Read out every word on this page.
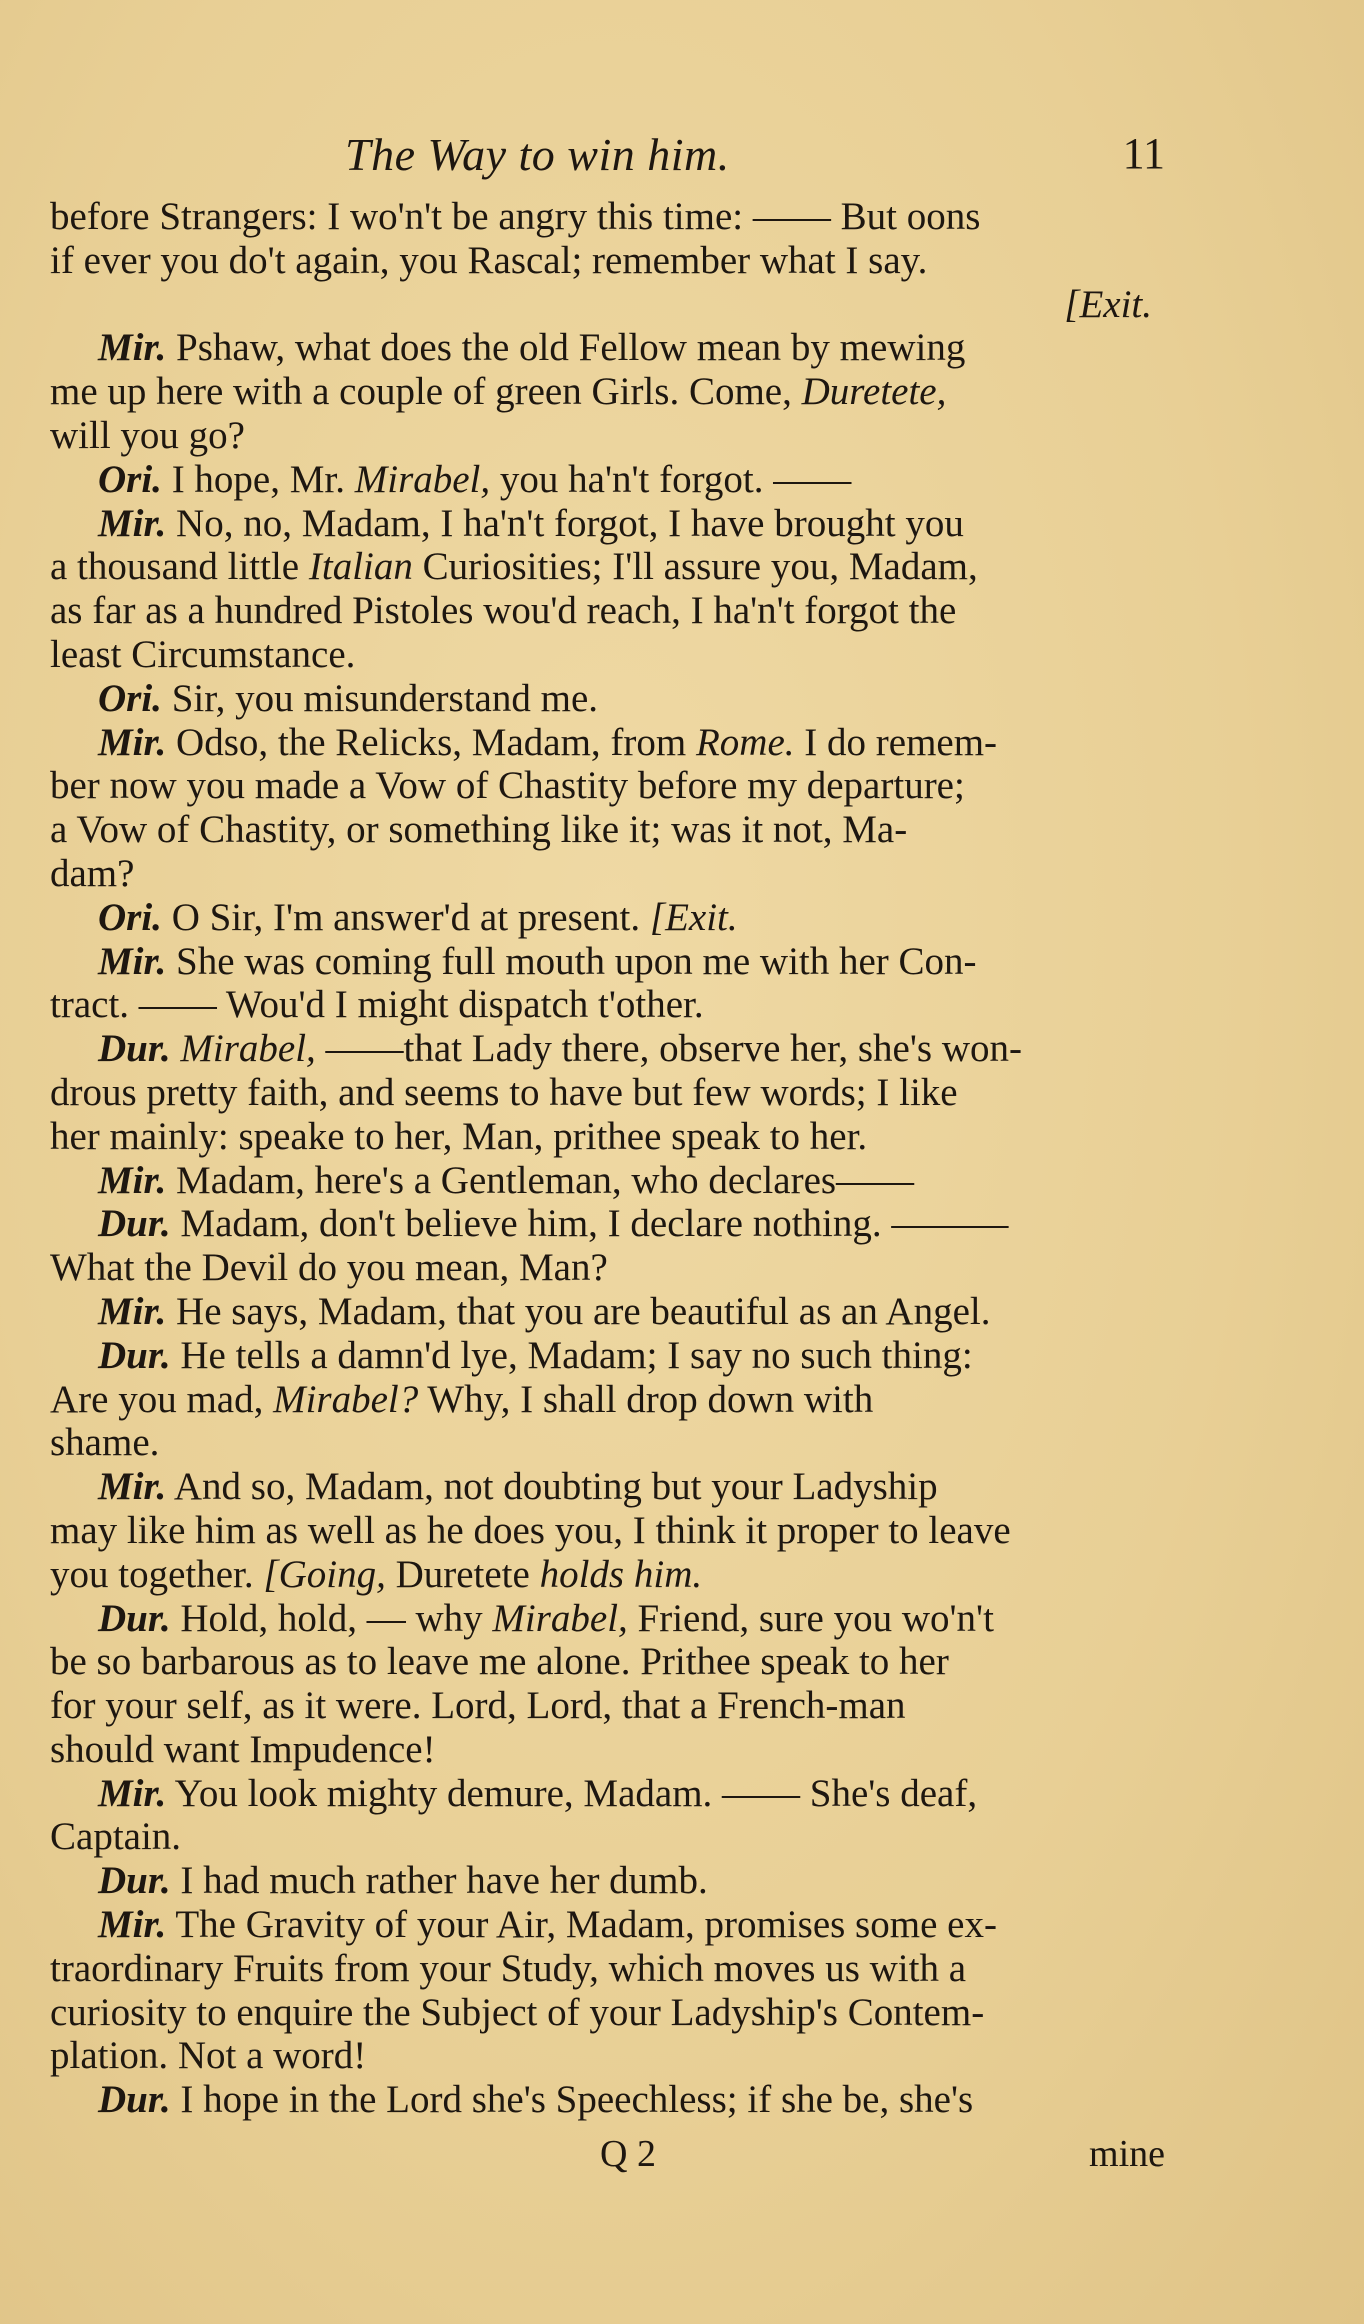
The Way to win him.	11
before Strangers: I wo'n't be angry this time: —— But oons
if ever you do't again, you Rascal; remember what I say.
[Exit.
Mir. Pshaw, what does the old Fellow mean by mewing
me up here with a couple of green Girls. Come, Duretete,
will you go?
Ori. I hope, Mr. Mirabel, you ha'n't forgot. ——
Mir. No, no, Madam, I ha'n't forgot, I have brought you
a thousand little Italian Curiosities; I'll assure you, Madam,
as far as a hundred Pistoles wou'd reach, I ha'n't forgot the
least Circumstance.
Ori. Sir, you misunderstand me.
Mir. Odso, the Relicks, Madam, from Rome. I do remem-
ber now you made a Vow of Chastity before my departure;
a Vow of Chastity, or something like it; was it not, Ma-
dam?
Ori. O Sir, I'm answer'd at present. [Exit.
Mir. She was coming full mouth upon me with her Con-
tract. —— Wou'd I might dispatch t'other.
Dur. Mirabel, ——that Lady there, observe her, she's won-
drous pretty faith, and seems to have but few words; I like
her mainly: speake to her, Man, prithee speak to her.
Mir. Madam, here's a Gentleman, who declares——
Dur. Madam, don't believe him, I declare nothing. ———
What the Devil do you mean, Man?
Mir. He says, Madam, that you are beautiful as an Angel.
Dur. He tells a damn'd lye, Madam; I say no such thing:
Are you mad, Mirabel? Why, I shall drop down with
shame.
Mir. And so, Madam, not doubting but your Ladyship
may like him as well as he does you, I think it proper to leave
you together. [Going, Duretete holds him.
Dur. Hold, hold, — why Mirabel, Friend, sure you wo'n't
be so barbarous as to leave me alone. Prithee speak to her
for your self, as it were. Lord, Lord, that a French-man
should want Impudence!
Mir. You look mighty demure, Madam. —— She's deaf,
Captain.
Dur. I had much rather have her dumb.
Mir. The Gravity of your Air, Madam, promises some ex-
traordinary Fruits from your Study, which moves us with a
curiosity to enquire the Subject of your Ladyship's Contem-
plation. Not a word!
Dur. I hope in the Lord she's Speechless; if she be, she's
Q 2	mine
